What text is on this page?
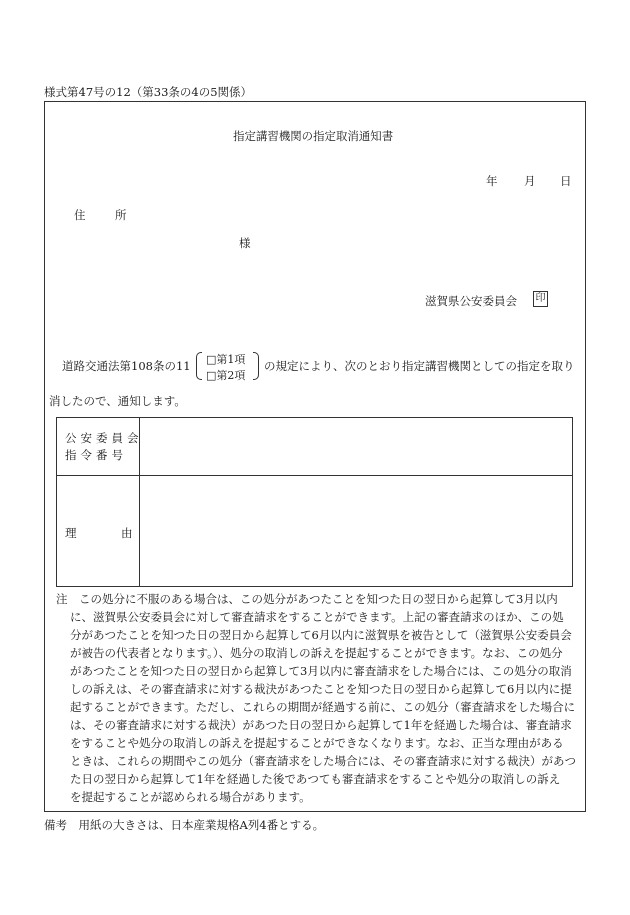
様式第47号の12（第33条の4の5関係）
指定講習機関の指定取消通知書
年 月 日
住　所
様
滋賀県公安委員会 印
道路交通法第108条の11 □第1項
□第2項
の規定により、次のとおり指定講習機関としての指定を取り
消したので、通知します。
公安委員会
指令番号
理	由
注　この処分に不服のある場合は、この処分があつたことを知つた日の翌日から起算して3月以内
に、滋賀県公安委員会に対して審査請求をすることができます。上記の審査請求のほか、この処
分があつたことを知つた日の翌日から起算して6月以内に滋賀県を被告として（滋賀県公安委員会
が被告の代表者となります。）、処分の取消しの訴えを提起することができます。なお、この処分
があつたことを知つた日の翌日から起算して3月以内に審査請求をした場合には、この処分の取消
しの訴えは、その審査請求に対する裁決があつたことを知つた日の翌日から起算して6月以内に提
起することができます。ただし、これらの期間が経過する前に、この処分（審査請求をした場合に
は、その審査請求に対する裁決）があつた日の翌日から起算して1年を経過した場合は、審査請求
をすることや処分の取消しの訴えを提起することができなくなります。なお、正当な理由がある
ときは、これらの期間やこの処分（審査請求をした場合には、その審査請求に対する裁決）があつ
た日の翌日から起算して1年を経過した後であつても審査請求をすることや処分の取消しの訴え
を提起することが認められる場合があります。
備考　用紙の大きさは、日本産業規格A列4番とする。
